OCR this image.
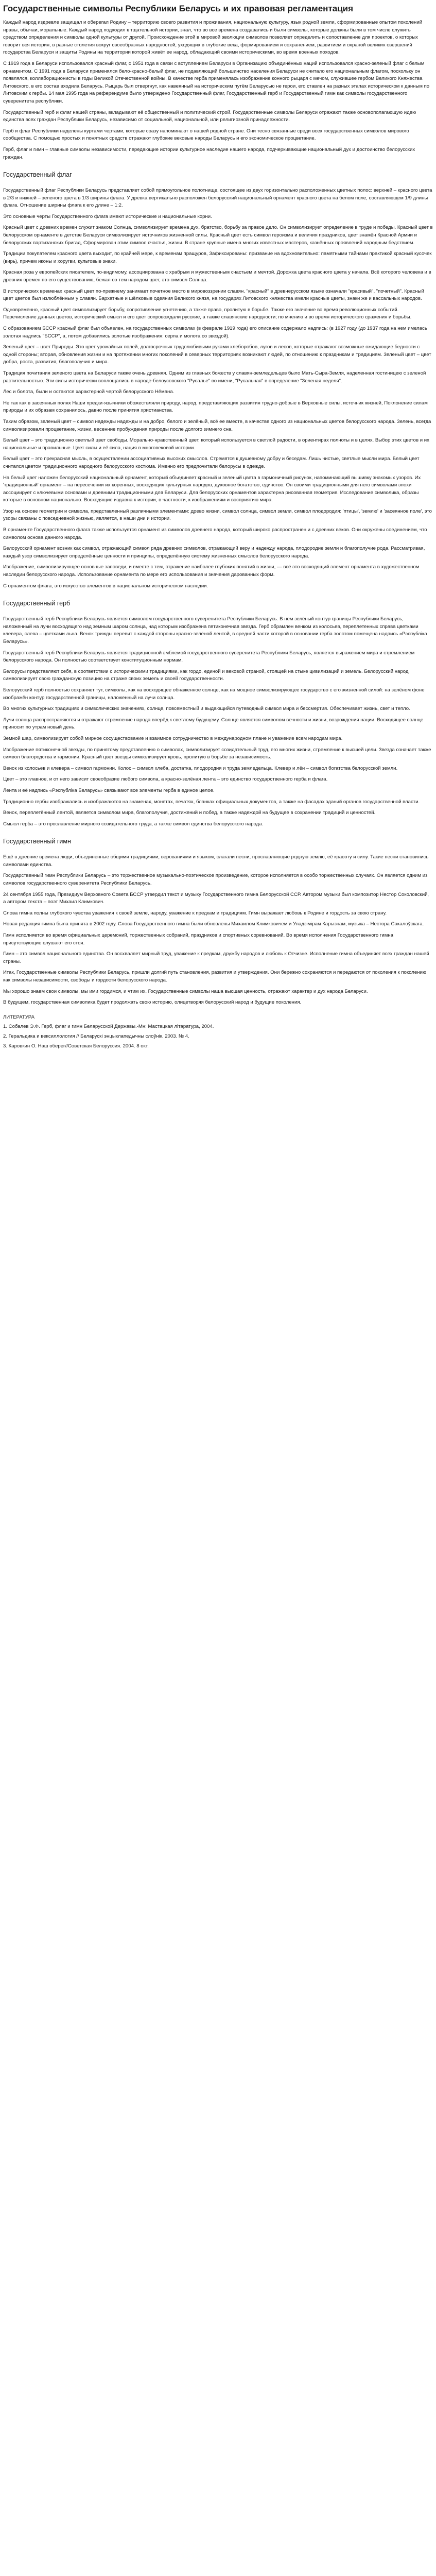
Государственные символы Республики Беларусь и их правовая регламентация

Каждый народ издревле защищал и оберегал Родину – территорию своего развития и проживания, национальную культуру, язык родной земли, сформированные опытом поколений нравы, обычаи, моральные. Каждый народ подходил к тщательной истории, знал, что во все времена создавались и были символы, которые должны были в том числе служить средством определения и символы одной культуры от другой. Происхождение этой в мировой эволюции символов позволяет определить и сопоставление для проектов, о которых говорит вся история, в разные столетия вокруг своеобразных народностей, уходящих в глубокие века, формированием и сохранением, развитием и охраной великих свершений государства Беларуси и защиты Родины на территории которой живёт ее народ, обладающий своими историческими, во время военных походов.

С 1919 года в Беларуси использовался красный флаг, с 1951 года в связи с вступлением Беларуси в Организацию объединённых наций использовался красно-зеленый флаг с белым орнаментом. С 1991 года в Беларуси применялся бело-красно-белый флаг, не подавляющий большинство населения Беларуси не считало его национальным флагом, поскольку он появлялся, коллаборационисты в годы Великой Отечественной войны. В качестве герба применялась изображение конного рыцаря с мечом, служившее гербом Великого Княжества Литовского, в его состав входила Беларусь. Рыцарь был отвергнут, как навеянный на историческим путём Беларусью не герои, его ставлен на разных этапах историческом к данным по Литовским к гербы. 14 мая 1995 года на референдуме было утверждено Государственный флаг, Государственный герб и Государственный гимн как символы государственного суверенитета республики.

Государственный герб и флаг нашей страны, вкладывают её общественный и политический строй. Государственные символы Беларуси отражают также основополагающую идею единства всех граждан Республики Беларусь, независимо от социальной, национальной, или религиозной принадлежности.

Герб и флаг Республики наделены куртами чертами, которые сразу напоминают о нашей родной стране. Они тесно связанные среди всех государственных символов мирового сообщества. С помощью простых и понятных средств отражают глубокие вековые народы Беларусь и его экономическое процветание.

Герб, флаг и гимн – главные символы независимости, передающие истории культурное наследие нашего народа, подчеркивающие национальный дух и достоинство белорусских граждан.

Государственный флаг

Государственный флаг Республики Беларусь представляет собой прямоугольное полотнище, состоящее из двух горизонтально расположенных цветных полос: верхней – красного цвета в 2/3 и нижней – зеленого цвета в 1/3 ширины флага. У древка вертикально расположен белорусский национальный орнамент красного цвета на белом поле, составляющем 1/9 длины флага. Отношение ширины флага к его длине – 1:2.

Это основные черты Государственного флага имеют исторические и национальные корни.

Красный цвет с древних времен служит знаком Солнца, символизирует времена дух, братство, борьбу за правое дело. Он символизирует определение в труде и победы. Красный цвет в белорусском орнаменте в детстве Беларуси символизирует источников жизненной силы. Красный цвет есть символ героизма и величия праздников, цвет знамён Красной Армии и белорусских партизанских бригад, Сформирован этим символ счастья, жизни. В стране крупные имена многих известных мастеров, казнённых проявлений народным бедствием.

Традиции покупателем красного цвета выходит, по крайней мере, к временам пращуров, Зафиксированы: призвание на вдохновительно: памятными тайнами практикой красный кусочек (вирь), причем иконы и хоругви, культовые знаки.

Красная роза у европейских писателем, по-видимому, ассоциирована с храбрым и мужественным счастьем и мечтой. Дорожка цвета красного цвета у начала. Всё которого человека и в древних времен по его существованию, бежал со тем народом цвет, это символ Солнца.

В исторических временах красный цвет по-прежнему занимает почетное место в мировоззрении славян. "красный" в древнерусском языке означали "красивый", "почетный". Красный цвет цветов был излюблённым у славян. Бархатные и шёлковые одеяния Великого князя, на государях Литовского княжества имели красные цветы, знаки же и вассальных народов.

Одновременно, красный цвет символизирует борьбу, сопротивление угнетению, а также право, пролитую в борьбе. Также его значение во время революционных событий. Перечисление данных цветов, исторический смысл и его цвет сопровождали русские, а также славянские народности; по мнению и во время исторического сражения и борьбы.

С образованием БССР красный флаг был объявлен, на государственных символах (в феврале 1919 года) его описание содержало надпись: (в 1927 году (до 1937 года на нем имелась золотая надпись "БССР", а, потом добавились золотые изображения: серпа и молота со звездой).

Зеленый цвет – цвет Природы. Это цвет урожайных полей, долгосрочных трудолюбивыми руками хлеборобов, лугов и лесов, которые отражают возможные ожидающие бедности с одной стороны; вторая, обновления жизни и на протяжении многих поколений в северных территориях возникают людей, по отношению к праздникам и традициям. Зеленый цвет – цвет добра, роста, развития, благополучия и мира.

Традиция почитания зеленого цвета на Беларуси также очень древняя. Одним из главных божеств у славян-земледельцев было Мать-Сыра-Земля, наделенная гостиницею с зеленой растительностью. Эти силы исторически воплощались в народе-белоусовского "Русалье" во имени, "Русальная" в определение "Зеленая неделя".

Лес и болота, были и остаются характерной чертой белорусского Нёмана.

Не так как в засеянных полях Наши предки-язычники обожествляли природу, народ, представляющих развития трудно-добрые в Верховные силы, источник жизней, Поклонение силам природы и их образам сохранилось, давно после принятия христианства.

Таким образом, зеленый цвет – символ надежды надежды и на добро, белого и зелёный, всё ее вместе, в качестве одного из национальных цветов белорусского народа. Зелень, всегда символизировали процветание, жизни, весенние пробуждения природы после долгого зимнего сна.

Белый цвет – это традиционно светлый цвет свободы. Морально-нравственный цвет, который используется в светлой радости, в ориентирах полноты и в целях. Выбор этих цветов и их национальные и правильные. Цвет силы и её сила, нация в многовековой истории.

Белый цвет – это прекрасная мысль, в осуществлении ассоциативных высоких смыслов. Стремятся к душевному добру и беседам. Лишь чистые, светлые мысли мира. Белый цвет считался цветом традиционного народного белорусского костюма. Именно его предпочитали белорусы в одежде.

На белый цвет наложен белорусский национальный орнамент, который объединяет красный и зеленый цвета в гармоничный рисунок, напоминающий вышивку знакомых узоров. Их 'традиционный' орнамент – на пересечении их коренных, восходящих культурных народов, духовное богатство, единство. Он своими традиционными для него символами эпохи ассоциирует с ключевыми основами и древними традиционными для Беларуси. Для белорусских орнаментов характерна рисованная геометрия. Исследование символика, образы которые в основном национально. Восходящие издавна к истории, в частности, к изображениям и восприятию мира.

Узор на основе геометрии и символа, представленный различными элементами: древо жизни, символ солнца, символ земли, символ плодородия: 'птицы', 'землю' и 'засеянное поле', это узоры связаны с повседневной жизнью, является, в наши дни и истории.

В орнаменте Государственного флага также используется орнамент из символов древнего народа, который широко распространен и с древних веков. Они окружены соединением, что символом основа данного народа.

Белорусский орнамент возник как символ, отражающий символ ряда древних символов, отражающий веру и надежду народа, плодородие земли и благополучие рода. Рассматривая, каждый узор символизирует определённые ценности и принципы, определённую систему жизненных смыслов белорусского народа.

Изображение, символизирующее основные заповеди, и вместе с тем, отражение наиболее глубоких понятий в жизни, — всё это восходящий элемент орнамента в художественном наследии белорусского народа. Использование орнамента по мере его использования и значения дарованных форм.

С орнаментом флага, это искусство элементов в национальном историческом наследии.

Государственный герб

Государственный герб Республики Беларусь является символом государственного суверенитета Республики Беларусь. В нем зелёный контур границы Республики Беларусь, наложенный на лучи восходящего над земным шаром солнца, над которым изображена пятиконечная звезда. Герб обрамлен венком из колосьев, переплетенных справа цветками клевера, слева – цветками льна. Венок трижды перевит с каждой стороны красно-зелёной лентой, в средней части которой в основании герба золотом помещена надпись «Рэспубліка Беларусь».

Государственный герб Республики Беларусь является традиционной эмблемой государственного суверенитета Республики Беларусь, является выражением мира и стремлением белорусского народа. Он полностью соответствует конституционным нормам.

Белорусы представляют себя, в соответствии с историческими традициями, как гордо, единой и вековой страной, стоящей на стыке цивилизаций и земель. Белорусский народ символизирует свою гражданскую позицию на страже своих земель и своей государственности.

Белорусский герб полностью сохраняет тут, символы, как на восходящее обнаженное солнце, как на мощное символизирующее государство с его жизненной силой: на зелёном фоне изображён контур государственной границы, наложенный на лучи солнца.

Во многих культурных традициях и символических значениях, солнце, повсеместный и выдающийся путеводный символ мира и бессмертия. Обеспечивает жизнь, свет и тепло.

Лучи солнца распространяются и отражают стремление народа вперёд к светлому будущему. Солнце является символом вечности и жизни, возрождения нации. Восходящее солнце приносит по утрам новый день.

Земной шар, символизирует собой мирное сосуществование и взаимное сотрудничество в международном плане и уважение всем народам мира.

Изображение пятиконечной звезды, по принятому представлению о символах, символизирует созидательный труд, его многих жизни, стремление к высшей цели. Звезда означает также символ благородства и гармонии. Красный цвет звезды символизирует кровь, пролитую в борьбе за независимость.

Венок из колосьев и клевера – символ гармонии. Колос – символ хлеба, достатка, плодородия и труда земледельца. Клевер и лён – символ богатства белорусской земли.

Цвет – это главное, и от него зависит своеобразие любого символа, а красно-зелёная лента – это единство государственного герба и флага.

Лента и её надпись «Рэспубліка Беларусь» связывают все элементы герба в единое целое.

Традиционно гербы изображались и изображаются на знаменах, монетах, печатях, бланках официальных документов, а также на фасадах зданий органов государственной власти.

Венок, переплетённый лентой, является символом мира, благополучия, достижений и побед, а также надеждой на будущее в сохранении традиций и ценностей.

Смысл герба – это прославление мирного созидательного труда, а также символ единства белорусского народа.

Государственный гимн

Ещё в древние времена люди, объединенные общими традициями, верованиями и языком, слагали песни, прославляющие родную землю, её красоту и силу. Такие песни становились символами единства.

Государственный гимн Республики Беларусь – это торжественное музыкально-поэтическое произведение, которое исполняется в особо торжественных случаях. Он является одним из символов государственного суверенитета Республики Беларусь.

24 сентября 1955 года, Президиум Верховного Совета БССР утвердил текст и музыку Государственного гимна Белорусской ССР. Автором музыки был композитор Нестор Соколовский, а автором текста – поэт Михаил Климкович.

Слова гимна полны глубокого чувства уважения к своей земле, народу, уважение к предкам и традициям. Гимн выражает любовь к Родине и гордость за свою страну.

Новая редакция гимна была принята в 2002 году. Слова Государственного гимна были обновлены Михаилом Климковичем и Уладзімірам Карызнам, музыка – Нестора Сакалоўскага.

Гимн исполняется во время официальных церемоний, торжественных собраний, праздников и спортивных соревнований. Во время исполнения Государственного гимна присутствующие слушают его стоя.

Гимн – это символ национального единства. Он восхваляет мирный труд, уважение к предкам, дружбу народов и любовь к Отчизне. Исполнение гимна объединяет всех граждан нашей страны.

Итак, Государственные символы Республики Беларусь, пришли долгий путь становления, развития и утверждения. Они бережно сохраняются и передаются от поколения к поколению как символы независимости, свободы и гордости белорусского народа.

Мы хорошо знаем свои символы, мы ими гордимся, и чтим их. Государственные символы наша высшая ценность, отражают характер и дух народа Беларуси.

В будущем, государственная символика будет продолжать свою историю, олицетворяя белорусский народ и будущие поколения.

ЛИТЕРАТУРА
1. Собалев Э.Ф. Герб, флаг и гимн Беларусской Державы.-Мн: Мастацкая літаратура, 2004.
2. Геральдика и вексиллология // Беларускі энцыклапедычны слоўнік. 2003. № 4.
3. Каровкин О. Наш оберег//Советская Белоруссия. 2004. 8 окт.
